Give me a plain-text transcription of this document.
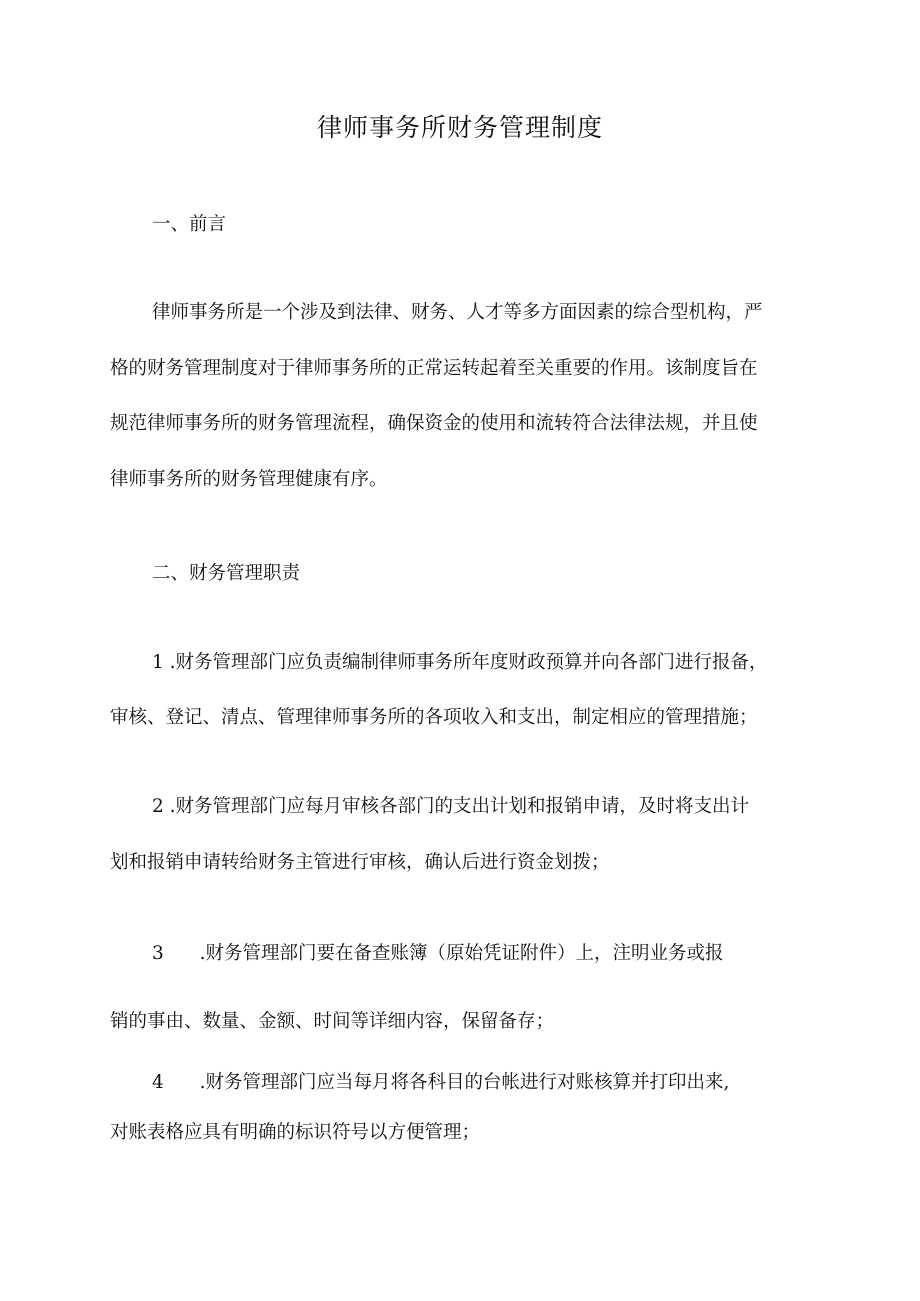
律师事务所财务管理制度
一、前言
律师事务所是一个涉及到法律、财务、人才等多方面因素的综合型机构，严
格的财务管理制度对于律师事务所的正常运转起着至关重要的作用。该制度旨在
规范律师事务所的财务管理流程，确保资金的使用和流转符合法律法规，并且使
律师事务所的财务管理健康有序。
二、财务管理职责
1 .财务管理部门应负责编制律师事务所年度财政预算并向各部门进行报备，
审核、登记、清点、管理律师事务所的各项收入和支出，制定相应的管理措施；
2 .财务管理部门应每月审核各部门的支出计划和报销申请，及时将支出计
划和报销申请转给财务主管进行审核，确认后进行资金划拨；
3 .财务管理部门要在备查账簿（原始凭证附件）上，注明业务或报
销的事由、数量、金额、时间等详细内容，保留备存；
4 .财务管理部门应当每月将各科目的台帐进行对账核算并打印出来,
对账表格应具有明确的标识符号以方便管理；
